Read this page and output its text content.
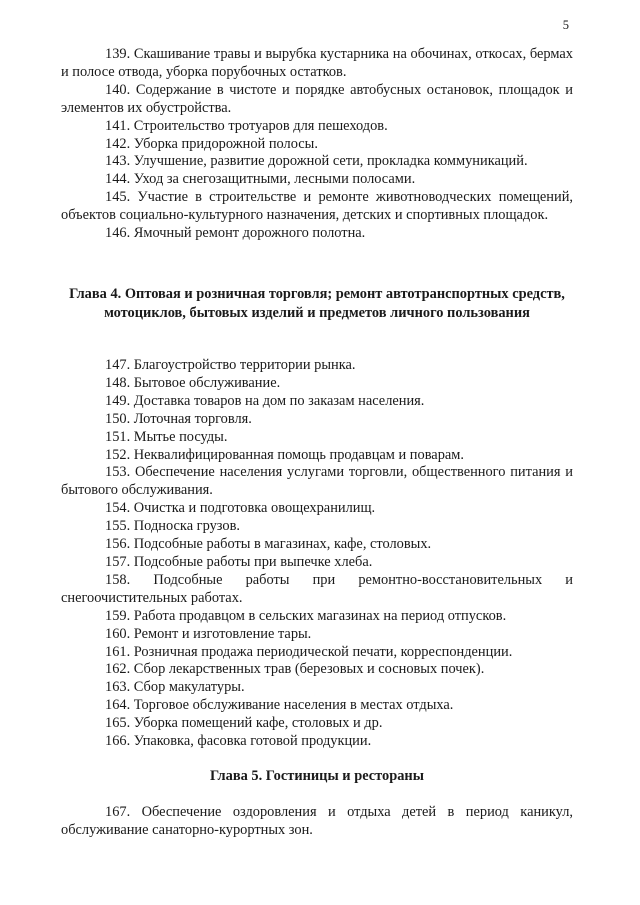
5

139. Скашивание травы и вырубка кустарника на обочинах, откосах, бермах и полосе отвода, уборка порубочных остатков.

140. Содержание в чистоте и порядке автобусных остановок, площадок и элементов их обустройства.

141. Строительство тротуаров для пешеходов.

142. Уборка придорожной полосы.

143. Улучшение, развитие дорожной сети, прокладка коммуникаций.

144. Уход за снегозащитными, лесными полосами.

145. Участие в строительстве и ремонте животноводческих помещений, объектов социально-культурного назначения, детских и спортивных площадок.

146. Ямочный ремонт дорожного полотна.

Глава 4. Оптовая и розничная торговля; ремонт автотранспортных средств, мотоциклов, бытовых изделий и предметов личного пользования

147. Благоустройство территории рынка.

148. Бытовое обслуживание.

149. Доставка товаров на дом по заказам населения.

150. Лоточная торговля.

151. Мытье посуды.

152. Неквалифицированная помощь продавцам и поварам.

153. Обеспечение населения услугами торговли, общественного питания и бытового обслуживания.

154. Очистка и подготовка овощехранилищ.

155. Подноска грузов.

156. Подсобные работы в магазинах, кафе, столовых.

157. Подсобные работы при выпечке хлеба.

158. Подсобные работы при ремонтно-восстановительных и снегоочистительных работах.

159. Работа продавцом в сельских магазинах на период отпусков.

160. Ремонт и изготовление тары.

161. Розничная продажа периодической печати, корреспонденции.

162. Сбор лекарственных трав (березовых и сосновых почек).

163. Сбор макулатуры.

164. Торговое обслуживание населения в местах отдыха.

165. Уборка помещений кафе, столовых и др.

166. Упаковка, фасовка готовой продукции.

Глава 5. Гостиницы и рестораны

167. Обеспечение оздоровления и отдыха детей в период каникул, обслуживание санаторно-курортных зон.
